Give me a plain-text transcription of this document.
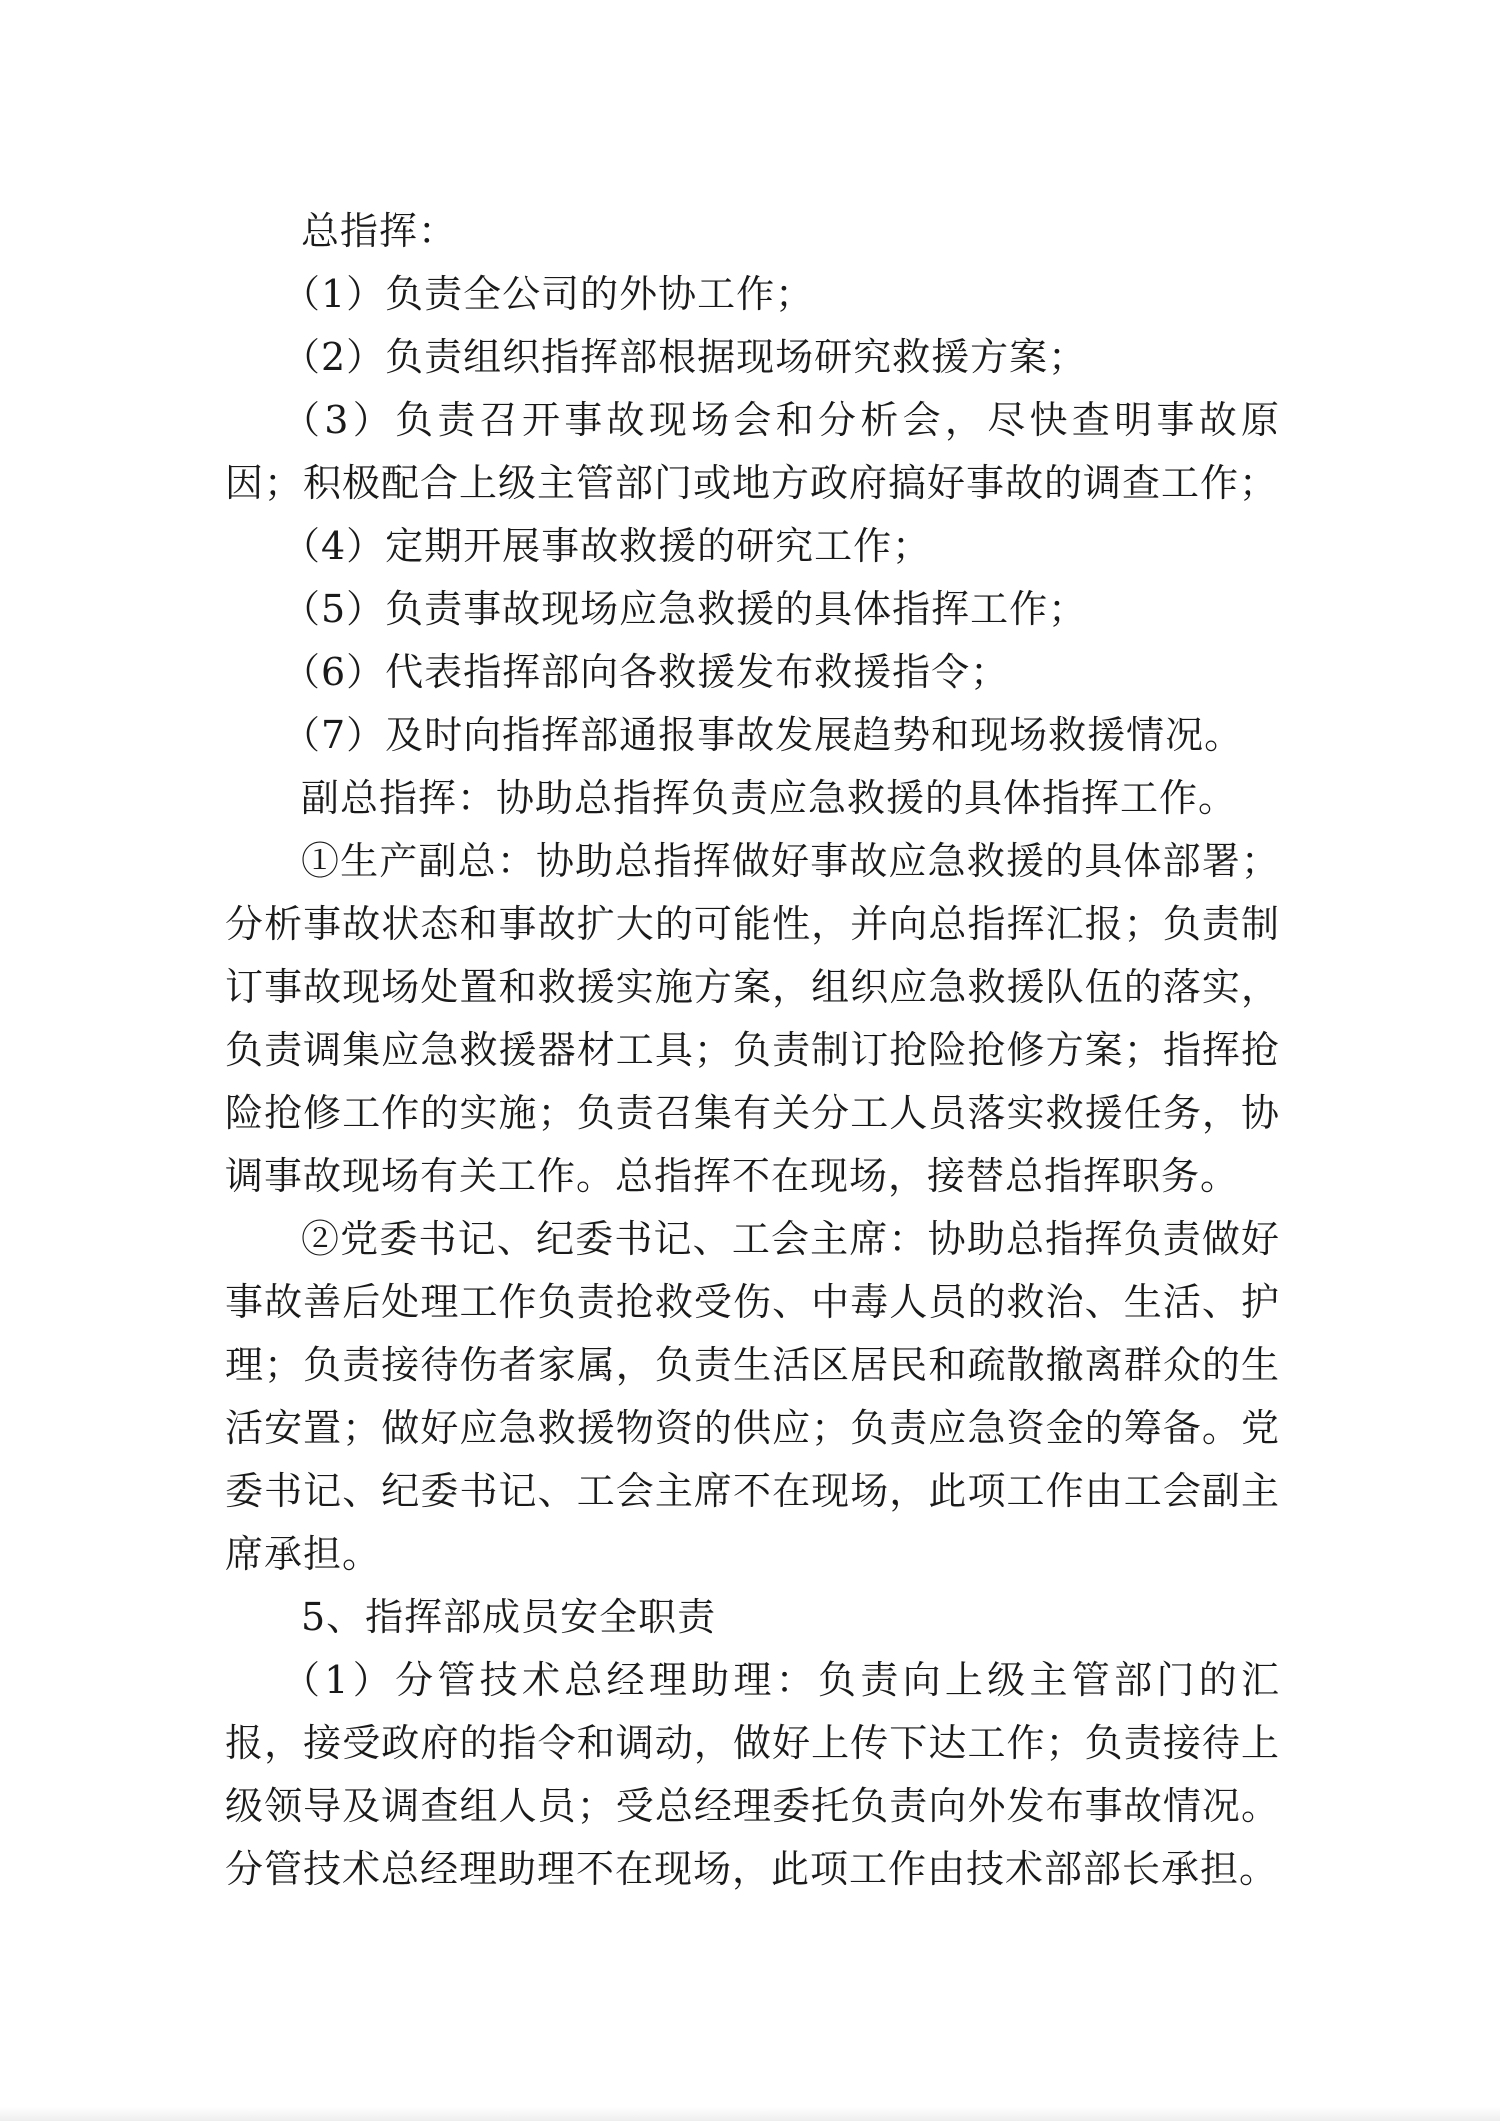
总指挥：

（1）负责全公司的外协工作；

（2）负责组织指挥部根据现场研究救援方案；

（3）负责召开事故现场会和分析会，尽快查明事故原因；积极配合上级主管部门或地方政府搞好事故的调查工作；

（4）定期开展事故救援的研究工作；

（5）负责事故现场应急救援的具体指挥工作；

（6）代表指挥部向各救援发布救援指令；

（7）及时向指挥部通报事故发展趋势和现场救援情况。

副总指挥：协助总指挥负责应急救援的具体指挥工作。

①生产副总：协助总指挥做好事故应急救援的具体部署；分析事故状态和事故扩大的可能性，并向总指挥汇报；负责制订事故现场处置和救援实施方案，组织应急救援队伍的落实，负责调集应急救援器材工具；负责制订抢险抢修方案；指挥抢险抢修工作的实施；负责召集有关分工人员落实救援任务，协调事故现场有关工作。总指挥不在现场，接替总指挥职务。

②党委书记、纪委书记、工会主席：协助总指挥负责做好事故善后处理工作负责抢救受伤、中毒人员的救治、生活、护理；负责接待伤者家属，负责生活区居民和疏散撤离群众的生活安置；做好应急救援物资的供应；负责应急资金的筹备。党委书记、纪委书记、工会主席不在现场，此项工作由工会副主席承担。

5、指挥部成员安全职责

（1）分管技术总经理助理：负责向上级主管部门的汇报，接受政府的指令和调动，做好上传下达工作；负责接待上级领导及调查组人员；受总经理委托负责向外发布事故情况。分管技术总经理助理不在现场，此项工作由技术部部长承担。
